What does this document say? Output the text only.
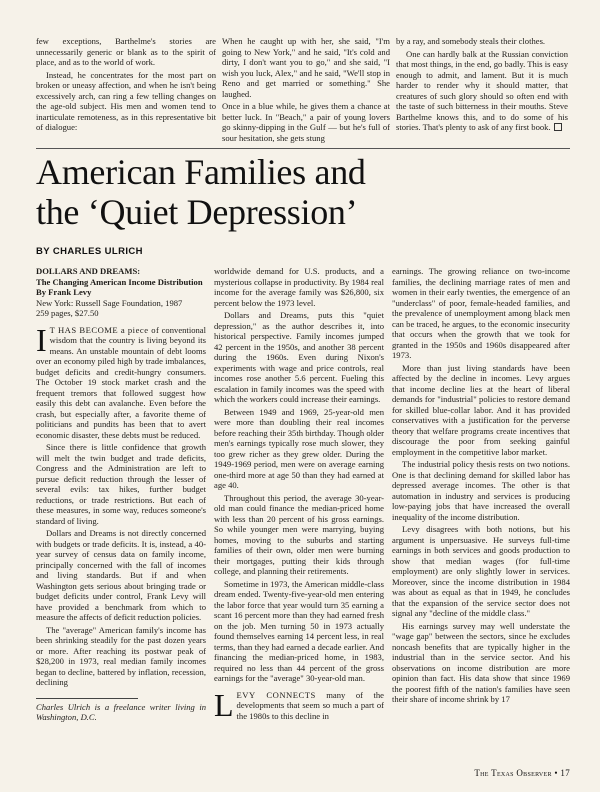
few exceptions, Barthelme's stories are unnecessarily generic or blank as to the spirit of place, and as to the world of work.

Instead, he concentrates for the most part on broken or uneasy affection, and when he isn't being excessively arch, can ring a few telling changes on the age-old subject. His men and women tend to inarticulate remoteness, as in this representative bit of dialogue:

When he caught up with her, she said, "I'm going to New York," and he said, "It's cold and dirty, I don't want you to go," and she said, "I wish you luck, Alex," and he said, "We'll stop in Reno and get married or something." She laughed.

Once in a blue while, he gives them a chance at better luck. In "Beach," a pair of young lovers go skinny-dipping in the Gulf — but he's full of sour hesitation, she gets stung

by a ray, and somebody steals their clothes.

One can hardly balk at the Russian conviction that most things, in the end, go badly. This is easy enough to admit, and lament. But it is much harder to render why it should matter, that creatures of such glory should so often end with the taste of such bitterness in their mouths. Steve Barthelme knows this, and to do some of his stories. That's plenty to ask of any first book.

American Families and
the ‘Quiet Depression’
BY CHARLES ULRICH
DOLLARS AND DREAMS:
The Changing American Income Distribution
By Frank Levy
New York: Russell Sage Foundation, 1987
259 pages, $27.50

I T HAS BECOME a piece of conventional wisdom that the country is living beyond its means. An unstable mountain of debt looms over an economy piled high by trade imbalances, budget deficits and credit-hungry consumers. The October 19 stock market crash and the frequent tremors that followed suggest how easily this debt can avalanche. Even before the crash, but especially after, a favorite theme of politicians and pundits has been that to avert economic disaster, these debts must be reduced.

Since there is little confidence that growth will melt the twin budget and trade deficits, Congress and the Administration are left to pursue deficit reduction through the lesser of several evils: tax hikes, further budget reductions, or trade restrictions. But each of these measures, in some way, reduces someone's standard of living.

Dollars and Dreams is not directly concerned with budgets or trade deficits. It is, instead, a 40-year survey of census data on family income, principally concerned with the fall of incomes and living standards. But if and when Washington gets serious about bringing trade or budget deficits under control, Frank Levy will have provided a benchmark from which to measure the affects of deficit reduction policies.

The "average" American family's income has been shrinking steadily for the past dozen years or more. After reaching its postwar peak of $28,200 in 1973, real median family incomes began to decline, battered by inflation, recession, declining

Charles Ulrich is a freelance writer living in Washington, D.C.

worldwide demand for U.S. products, and a mysterious collapse in productivity. By 1984 real income for the average family was $26,800, six percent below the 1973 level.

Dollars and Dreams, puts this "quiet depression," as the author describes it, into historical perspective. Family incomes jumped 42 percent in the 1950s, and another 38 percent during the 1960s. Even during Nixon's experiments with wage and price controls, real incomes rose another 5.6 percent. Fueling this escalation in family incomes was the speed with which the workers could increase their earnings.

Between 1949 and 1969, 25-year-old men were more than doubling their real incomes before reaching their 35th birthday. Though older men's earnings typically rose much slower, they too grew richer as they grew older. During the 1949-1969 period, men were on average earning one-third more at age 50 than they had earned at age 40.

Throughout this period, the average 30-year-old man could finance the median-priced home with less than 20 percent of his gross earnings. So while younger men were marrying, buying homes, moving to the suburbs and starting families of their own, older men were burning their mortgages, putting their kids through college, and planning their retirements.

Sometime in 1973, the American middle-class dream ended. Twenty-five-year-old men entering the labor force that year would turn 35 earning a scant 16 percent more than they had earned fresh on the job. Men turning 50 in 1973 actually found themselves earning 14 percent less, in real terms, than they had earned a decade earlier. And financing the median-priced home, in 1983, required no less than 44 percent of the gross earnings for the "average" 30-year-old man.

LEVY CONNECTS many of the developments that seem so much a part of the 1980s to this decline in

earnings. The growing reliance on two-income families, the declining marriage rates of men and women in their early twenties, the emergence of an "underclass" of poor, female-headed families, and the prevalence of unemployment among black men can be traced, he argues, to the economic insecurity that occurs when the growth that we took for granted in the 1950s and 1960s disappeared after 1973.

More than just living standards have been affected by the decline in incomes. Levy argues that income decline lies at the heart of liberal demands for "industrial" policies to restore demand for skilled blue-collar labor. And it has provided conservatives with a justification for the perverse theory that welfare programs create incentives that discourage the poor from seeking gainful employment in the competitive labor market.

The industrial policy thesis rests on two notions. One is that declining demand for skilled labor has depressed average incomes. The other is that automation in industry and services is producing low-paying jobs that have increased the overall inequality of the income distribution.

Levy disagrees with both notions, but his argument is unpersuasive. He surveys full-time earnings in both services and goods production to show that median wages (for full-time employment) are only slightly lower in services. Moreover, since the income distribution in 1984 was about as equal as that in 1949, he concludes that the expansion of the service sector does not signal any "decline of the middle class."

His earnings survey may well understate the "wage gap" between the sectors, since he excludes noncash benefits that are typically higher in the industrial than in the service sector. And his observations on income distribution are more opinion than fact. His data show that since 1969 the poorest fifth of the nation's families have seen their share of income shrink by 17

The Texas Observer • 17
